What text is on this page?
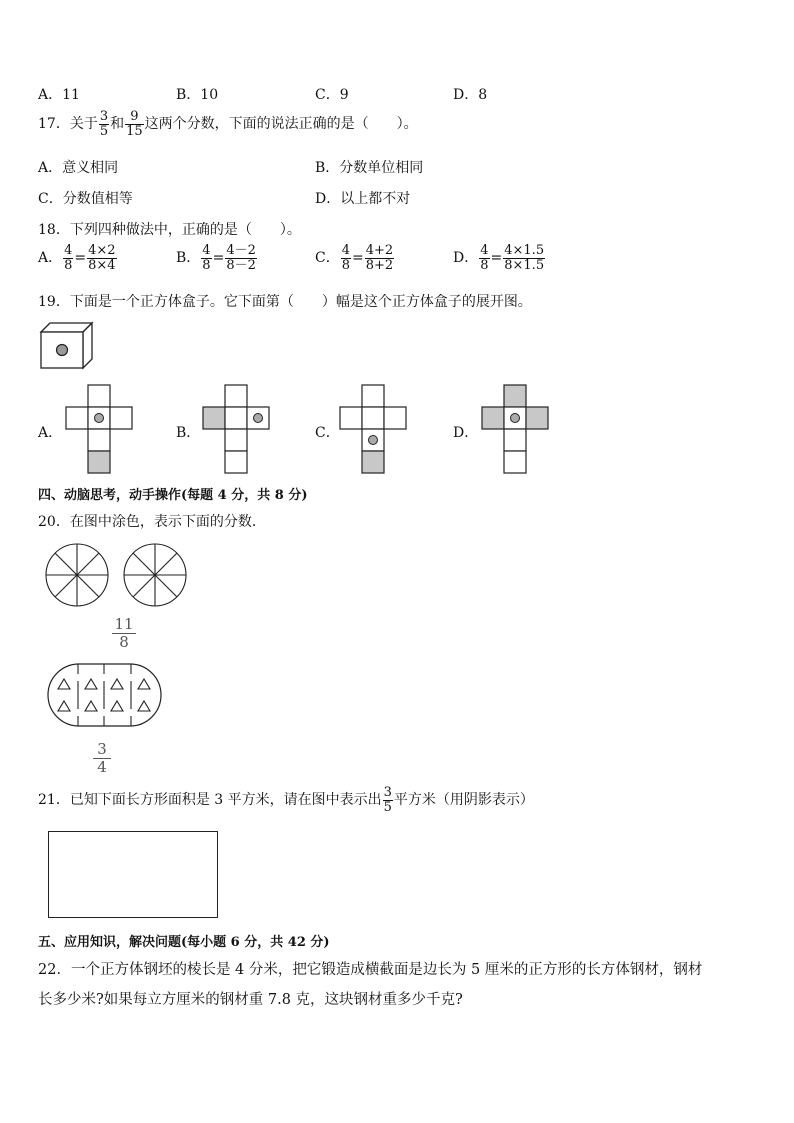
A．11	B．10	C．9	D．8
17．关于 $\frac{3}{5}$ 和 $\frac{9}{15}$ 这两个分数，下面的说法正确的是（　　）。
A．意义相同	B．分数单位相同
C．分数值相等	D．以上都不对
18．下列四种做法中，正确的是（　　）。
A． $\frac{4}{8} = \frac{4\times 2}{8\times 4}$	B． $\frac{4}{8} = \frac{4-2}{8-2}$	C． $\frac{4}{8} = \frac{4+2}{8+2}$	D． $\frac{4}{8} = \frac{4\times 1.5}{8\times 1.5}$
19．下面是一个正方体盒子。它下面第（　　）幅是这个正方体盒子的展开图。
A．	B．	C．	D．
四、动脑思考，动手操作(每题 4 分，共 8 分)
20．在图中涂色，表示下面的分数．
$\frac{11}{8}$
$\frac{3}{4}$
21．已知下面长方形面积是 3 平方米，请在图中表示出 $\frac{3}{5}$ 平方米（用阴影表示）
五、应用知识，解决问题(每小题 6 分，共 42 分)
22．一个正方体钢坯的棱长是 4 分米，把它锻造成横截面是边长为 5 厘米的正方形的长方体钢材，钢材
长多少米?如果每立方厘米的钢材重 7.8 克，这块钢材重多少千克?
